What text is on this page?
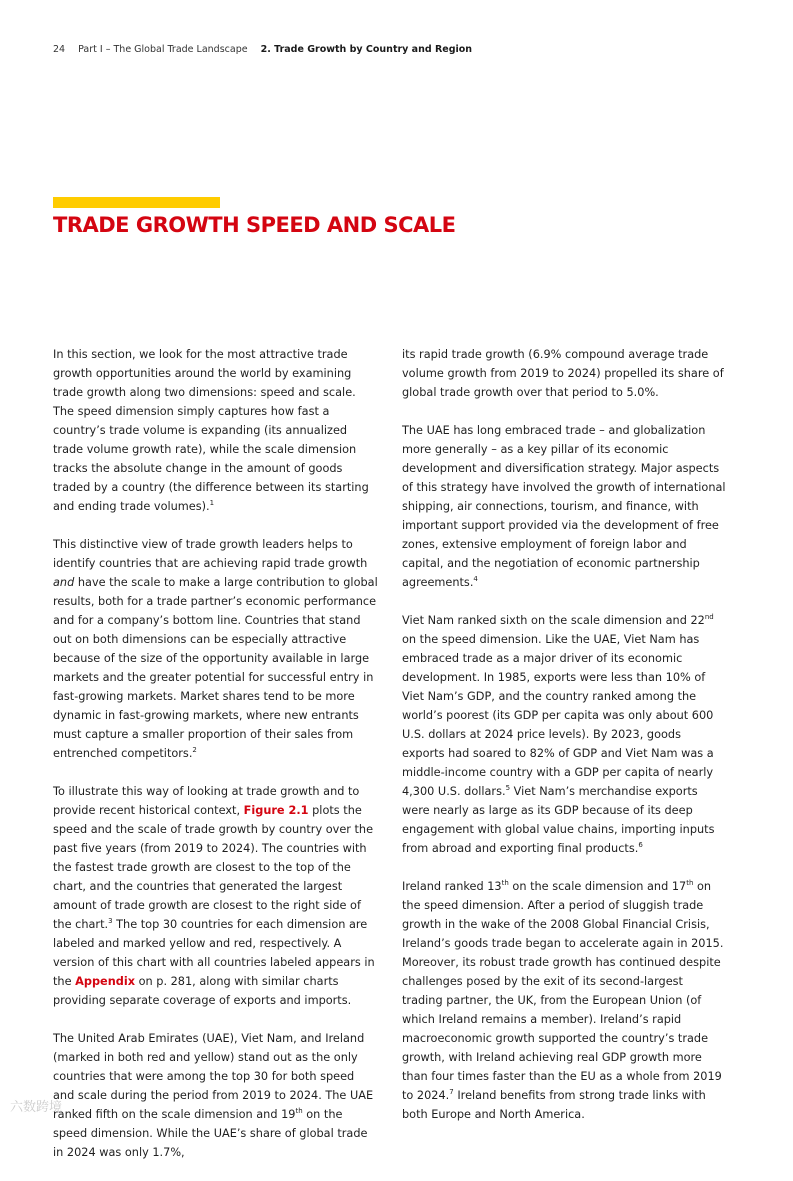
24 Part I – The Global Trade Landscape 2. Trade Growth by Country and Region
TRADE GROWTH SPEED AND SCALE

In this section, we look for the most attractive trade growth opportunities around the world by examining trade growth along two dimensions: speed and scale. The speed dimension simply captures how fast a country’s trade volume is expanding (its annualized trade volume growth rate), while the scale dimension tracks the absolute change in the amount of goods traded by a country (the difference between its starting and ending trade volumes).$^1$

This distinctive view of trade growth leaders helps to identify countries that are achieving rapid trade growth and have the scale to make a large contribution to global results, both for a trade partner’s economic performance and for a company’s bottom line. Countries that stand out on both dimensions can be especially attractive because of the size of the opportunity available in large markets and the greater potential for successful entry in fast-growing markets. Market shares tend to be more dynamic in fast-growing markets, where new entrants must capture a smaller proportion of their sales from entrenched competitors.$^2$

To illustrate this way of looking at trade growth and to provide recent historical context, Figure 2.1 plots the speed and the scale of trade growth by country over the past five years (from 2019 to 2024). The countries with the fastest trade growth are closest to the top of the chart, and the countries that generated the largest amount of trade growth are closest to the right side of the chart.$^3$ The top 30 countries for each dimension are labeled and marked yellow and red, respectively. A version of this chart with all countries labeled appears in the Appendix on p. 281, along with similar charts providing separate coverage of exports and imports.

The United Arab Emirates (UAE), Viet Nam, and Ireland (marked in both red and yellow) stand out as the only countries that were among the top 30 for both speed and scale during the period from 2019 to 2024. The UAE ranked fifth on the scale dimension and 19th on the speed dimension. While the UAE’s share of global trade in 2024 was only 1.7%,

its rapid trade growth (6.9% compound average trade volume growth from 2019 to 2024) propelled its share of global trade growth over that period to 5.0%.

The UAE has long embraced trade – and globalization more generally – as a key pillar of its economic development and diversification strategy. Major aspects of this strategy have involved the growth of international shipping, air connections, tourism, and finance, with important support provided via the development of free zones, extensive employment of foreign labor and capital, and the negotiation of economic partnership agreements.$^4$

Viet Nam ranked sixth on the scale dimension and 22nd on the speed dimension. Like the UAE, Viet Nam has embraced trade as a major driver of its economic development. In 1985, exports were less than 10% of Viet Nam’s GDP, and the country ranked among the world’s poorest (its GDP per capita was only about 600 U.S. dollars at 2024 price levels). By 2023, goods exports had soared to 82% of GDP and Viet Nam was a middle-income country with a GDP per capita of nearly 4,300 U.S. dollars.$^5$ Viet Nam’s merchandise exports were nearly as large as its GDP because of its deep engagement with global value chains, importing inputs from abroad and exporting final products.$^6$

Ireland ranked 13th on the scale dimension and 17th on the speed dimension. After a period of sluggish trade growth in the wake of the 2008 Global Financial Crisis, Ireland’s goods trade began to accelerate again in 2015. Moreover, its robust trade growth has continued despite challenges posed by the exit of its second-largest trading partner, the UK, from the European Union (of which Ireland remains a member). Ireland’s rapid macroeconomic growth supported the country’s trade growth, with Ireland achieving real GDP growth more than four times faster than the EU as a whole from 2019 to 2024.$^7$ Ireland benefits from strong trade links with both Europe and North America.

六数跨境
